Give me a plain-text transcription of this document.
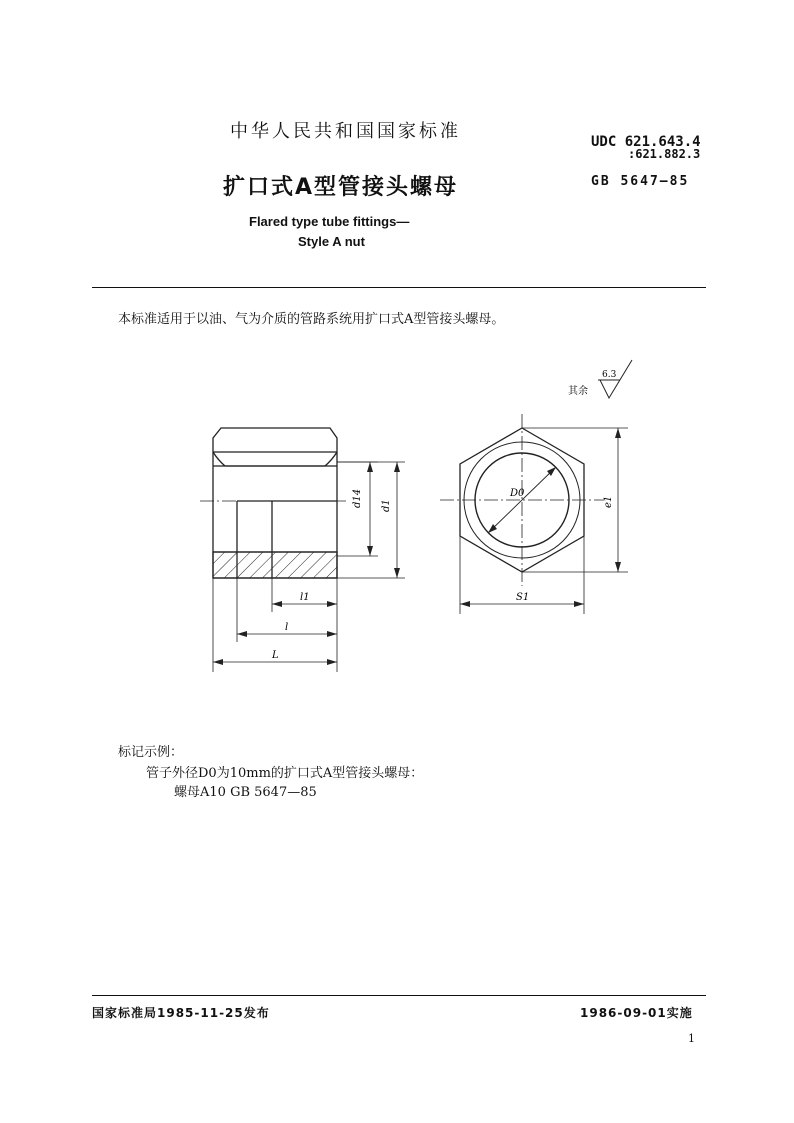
中华人民共和国国家标准	UDC 621.643.4
:621.882.3
扩口式A型管接头螺母	GB 5647—85
Flared type tube fittings—
Style A nut
本标准适用于以油、气为介质的管路系统用扩口式A型管接头螺母。
其余
6.3
d14 d1
l1
l
L
D0
e1
S1
标记示例：
管子外径D0为10mm的扩口式A型管接头螺母：
螺母A10 GB 5647—85
国家标准局1985-11-25发布	1986-09-01实施
1
